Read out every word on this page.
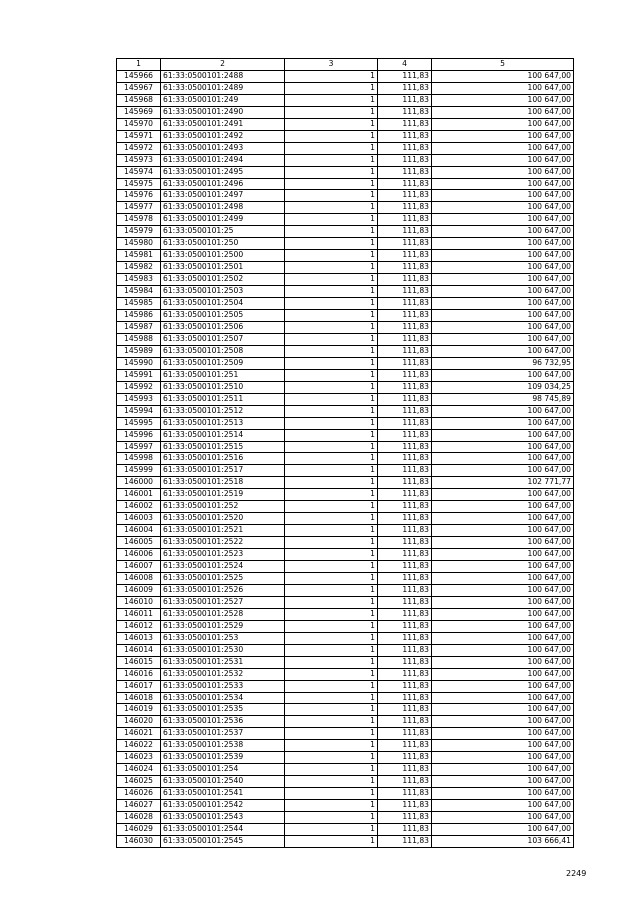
1	2	3	4	5
145966	61:33:0500101:2488	1	111,83	100 647,00
145967	61:33:0500101:2489	1	111,83	100 647,00
145968	61:33:0500101:249	1	111,83	100 647,00
145969	61:33:0500101:2490	1	111,83	100 647,00
145970	61:33:0500101:2491	1	111,83	100 647,00
145971	61:33:0500101:2492	1	111,83	100 647,00
145972	61:33:0500101:2493	1	111,83	100 647,00
145973	61:33:0500101:2494	1	111,83	100 647,00
145974	61:33:0500101:2495	1	111,83	100 647,00
145975	61:33:0500101:2496	1	111,83	100 647,00
145976	61:33:0500101:2497	1	111,83	100 647,00
145977	61:33:0500101:2498	1	111,83	100 647,00
145978	61:33:0500101:2499	1	111,83	100 647,00
145979	61:33:0500101:25	1	111,83	100 647,00
145980	61:33:0500101:250	1	111,83	100 647,00
145981	61:33:0500101:2500	1	111,83	100 647,00
145982	61:33:0500101:2501	1	111,83	100 647,00
145983	61:33:0500101:2502	1	111,83	100 647,00
145984	61:33:0500101:2503	1	111,83	100 647,00
145985	61:33:0500101:2504	1	111,83	100 647,00
145986	61:33:0500101:2505	1	111,83	100 647,00
145987	61:33:0500101:2506	1	111,83	100 647,00
145988	61:33:0500101:2507	1	111,83	100 647,00
145989	61:33:0500101:2508	1	111,83	100 647,00
145990	61:33:0500101:2509	1	111,83	96 732,95
145991	61:33:0500101:251	1	111,83	100 647,00
145992	61:33:0500101:2510	1	111,83	109 034,25
145993	61:33:0500101:2511	1	111,83	98 745,89
145994	61:33:0500101:2512	1	111,83	100 647,00
145995	61:33:0500101:2513	1	111,83	100 647,00
145996	61:33:0500101:2514	1	111,83	100 647,00
145997	61:33:0500101:2515	1	111,83	100 647,00
145998	61:33:0500101:2516	1	111,83	100 647,00
145999	61:33:0500101:2517	1	111,83	100 647,00
146000	61:33:0500101:2518	1	111,83	102 771,77
146001	61:33:0500101:2519	1	111,83	100 647,00
146002	61:33:0500101:252	1	111,83	100 647,00
146003	61:33:0500101:2520	1	111,83	100 647,00
146004	61:33:0500101:2521	1	111,83	100 647,00
146005	61:33:0500101:2522	1	111,83	100 647,00
146006	61:33:0500101:2523	1	111,83	100 647,00
146007	61:33:0500101:2524	1	111,83	100 647,00
146008	61:33:0500101:2525	1	111,83	100 647,00
146009	61:33:0500101:2526	1	111,83	100 647,00
146010	61:33:0500101:2527	1	111,83	100 647,00
146011	61:33:0500101:2528	1	111,83	100 647,00
146012	61:33:0500101:2529	1	111,83	100 647,00
146013	61:33:0500101:253	1	111,83	100 647,00
146014	61:33:0500101:2530	1	111,83	100 647,00
146015	61:33:0500101:2531	1	111,83	100 647,00
146016	61:33:0500101:2532	1	111,83	100 647,00
146017	61:33:0500101:2533	1	111,83	100 647,00
146018	61:33:0500101:2534	1	111,83	100 647,00
146019	61:33:0500101:2535	1	111,83	100 647,00
146020	61:33:0500101:2536	1	111,83	100 647,00
146021	61:33:0500101:2537	1	111,83	100 647,00
146022	61:33:0500101:2538	1	111,83	100 647,00
146023	61:33:0500101:2539	1	111,83	100 647,00
146024	61:33:0500101:254	1	111,83	100 647,00
146025	61:33:0500101:2540	1	111,83	100 647,00
146026	61:33:0500101:2541	1	111,83	100 647,00
146027	61:33:0500101:2542	1	111,83	100 647,00
146028	61:33:0500101:2543	1	111,83	100 647,00
146029	61:33:0500101:2544	1	111,83	100 647,00
146030	61:33:0500101:2545	1	111,83	103 666,41
2249
